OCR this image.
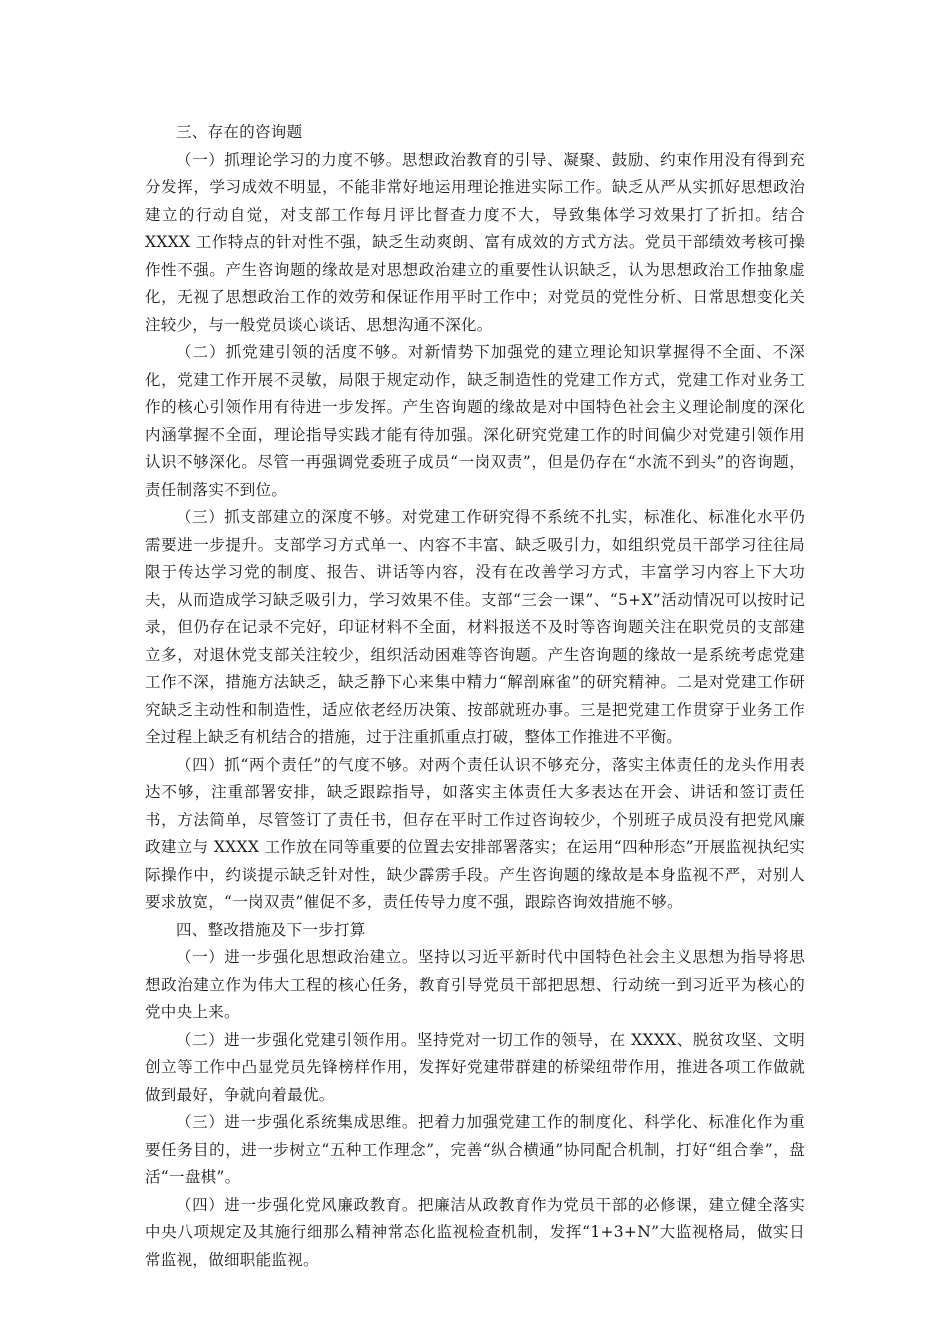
三、存在的咨询题

（一）抓理论学习的力度不够。思想政治教育的引导、凝聚、鼓励、约束作用没有得到充分发挥，学习成效不明显，不能非常好地运用理论推进实际工作。缺乏从严从实抓好思想政治建立的行动自觉，对支部工作每月评比督查力度不大，导致集体学习效果打了折扣。结合 XXXX 工作特点的针对性不强，缺乏生动爽朗、富有成效的方式方法。党员干部绩效考核可操作性不强。产生咨询题的缘故是对思想政治建立的重要性认识缺乏，认为思想政治工作抽象虚化，无视了思想政治工作的效劳和保证作用平时工作中；对党员的党性分析、日常思想变化关注较少，与一般党员谈心谈话、思想沟通不深化。

（二）抓党建引领的活度不够。对新情势下加强党的建立理论知识掌握得不全面、不深化，党建工作开展不灵敏，局限于规定动作，缺乏制造性的党建工作方式，党建工作对业务工作的核心引领作用有待进一步发挥。产生咨询题的缘故是对中国特色社会主义理论制度的深化内涵掌握不全面，理论指导实践才能有待加强。深化研究党建工作的时间偏少对党建引领作用认识不够深化。尽管一再强调党委班子成员“一岗双责”，但是仍存在“水流不到头”的咨询题，责任制落实不到位。

（三）抓支部建立的深度不够。对党建工作研究得不系统不扎实，标准化、标准化水平仍需要进一步提升。支部学习方式单一、内容不丰富、缺乏吸引力，如组织党员干部学习往往局限于传达学习党的制度、报告、讲话等内容，没有在改善学习方式，丰富学习内容上下大功夫，从而造成学习缺乏吸引力，学习效果不佳。支部“三会一课”、“5+X”活动情况可以按时记录，但仍存在记录不完好，印证材料不全面，材料报送不及时等咨询题关注在职党员的支部建立多，对退休党支部关注较少，组织活动困难等咨询题。产生咨询题的缘故一是系统考虑党建工作不深，措施方法缺乏，缺乏静下心来集中精力“解剖麻雀”的研究精神。二是对党建工作研究缺乏主动性和制造性，适应依老经历决策、按部就班办事。三是把党建工作贯穿于业务工作全过程上缺乏有机结合的措施，过于注重抓重点打破，整体工作推进不平衡。

（四）抓“两个责任”的气度不够。对两个责任认识不够充分，落实主体责任的龙头作用表达不够，注重部署安排，缺乏跟踪指导，如落实主体责任大多表达在开会、讲话和签订责任书，方法简单，尽管签订了责任书，但存在平时工作过咨询较少，个别班子成员没有把党风廉政建立与 XXXX 工作放在同等重要的位置去安排部署落实；在运用“四种形态”开展监视执纪实际操作中，约谈提示缺乏针对性，缺少霹雳手段。产生咨询题的缘故是本身监视不严，对别人要求放宽，“一岗双责”催促不多，责任传导力度不强，跟踪咨询效措施不够。

四、整改措施及下一步打算

（一）进一步强化思想政治建立。坚持以习近平新时代中国特色社会主义思想为指导将思想政治建立作为伟大工程的核心任务，教育引导党员干部把思想、行动统一到习近平为核心的党中央上来。

（二）进一步强化党建引领作用。坚持党对一切工作的领导，在 XXXX、脱贫攻坚、文明创立等工作中凸显党员先锋榜样作用，发挥好党建带群建的桥梁纽带作用，推进各项工作做就做到最好，争就向着最优。

（三）进一步强化系统集成思维。把着力加强党建工作的制度化、科学化、标准化作为重要任务目的，进一步树立“五种工作理念”，完善“纵合横通”协同配合机制，打好“组合拳”，盘活“一盘棋”。

（四）进一步强化党风廉政教育。把廉洁从政教育作为党员干部的必修课，建立健全落实中央八项规定及其施行细那么精神常态化监视检查机制，发挥“1+3+N”大监视格局，做实日常监视，做细职能监视。
